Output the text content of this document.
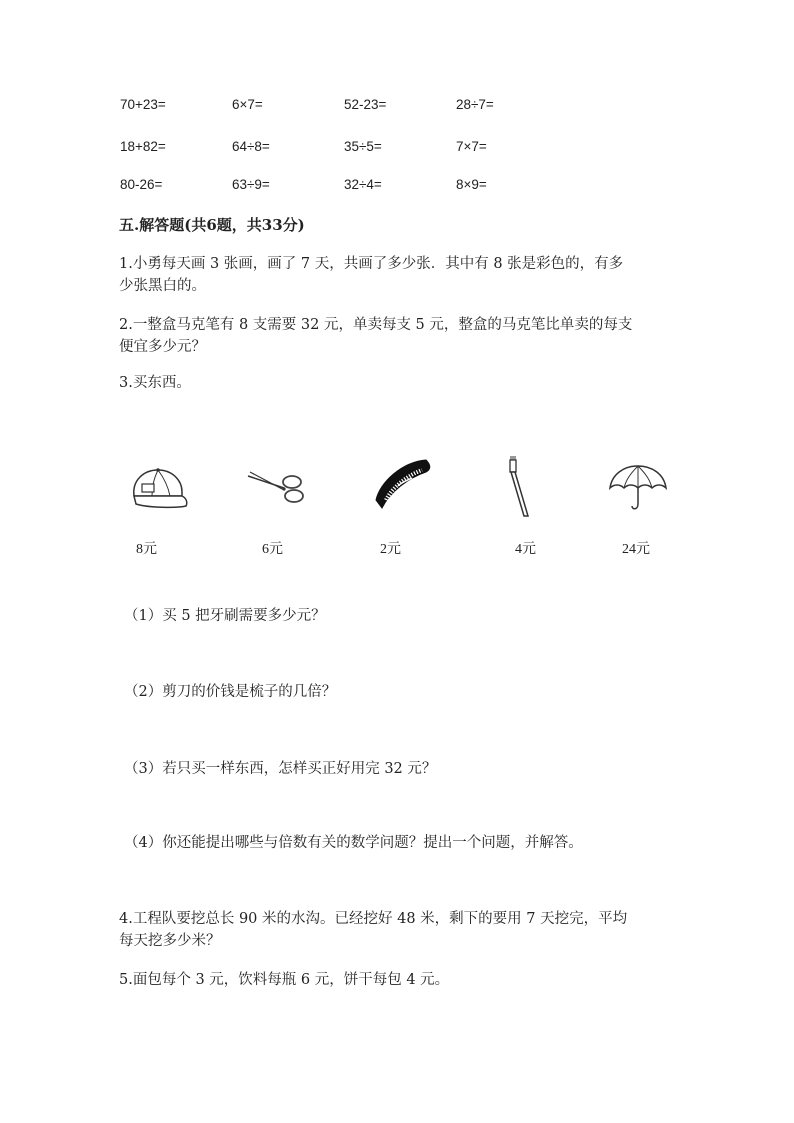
70+23=	6×7=	52-23=	28÷7=
18+82=	64÷8=	35÷5=	7×7=
80-26=	63÷9=	32÷4=	8×9=
五.解答题(共6题，共33分)
1.小勇每天画 3 张画，画了 7 天，共画了多少张．其中有 8 张是彩色的，有多
少张黑白的。
2.一整盒马克笔有 8 支需要 32 元，单卖每支 5 元，整盒的马克笔比单卖的每支
便宜多少元？
3.买东西。
8元	6元	2元	4元	24元
（1）买 5 把牙刷需要多少元？
（2）剪刀的价钱是梳子的几倍？
（3）若只买一样东西，怎样买正好用完 32 元？
（4）你还能提出哪些与倍数有关的数学问题？提出一个问题，并解答。
4.工程队要挖总长 90 米的水沟。已经挖好 48 米，剩下的要用 7 天挖完，平均
每天挖多少米？
5.面包每个 3 元，饮料每瓶 6 元，饼干每包 4 元。
